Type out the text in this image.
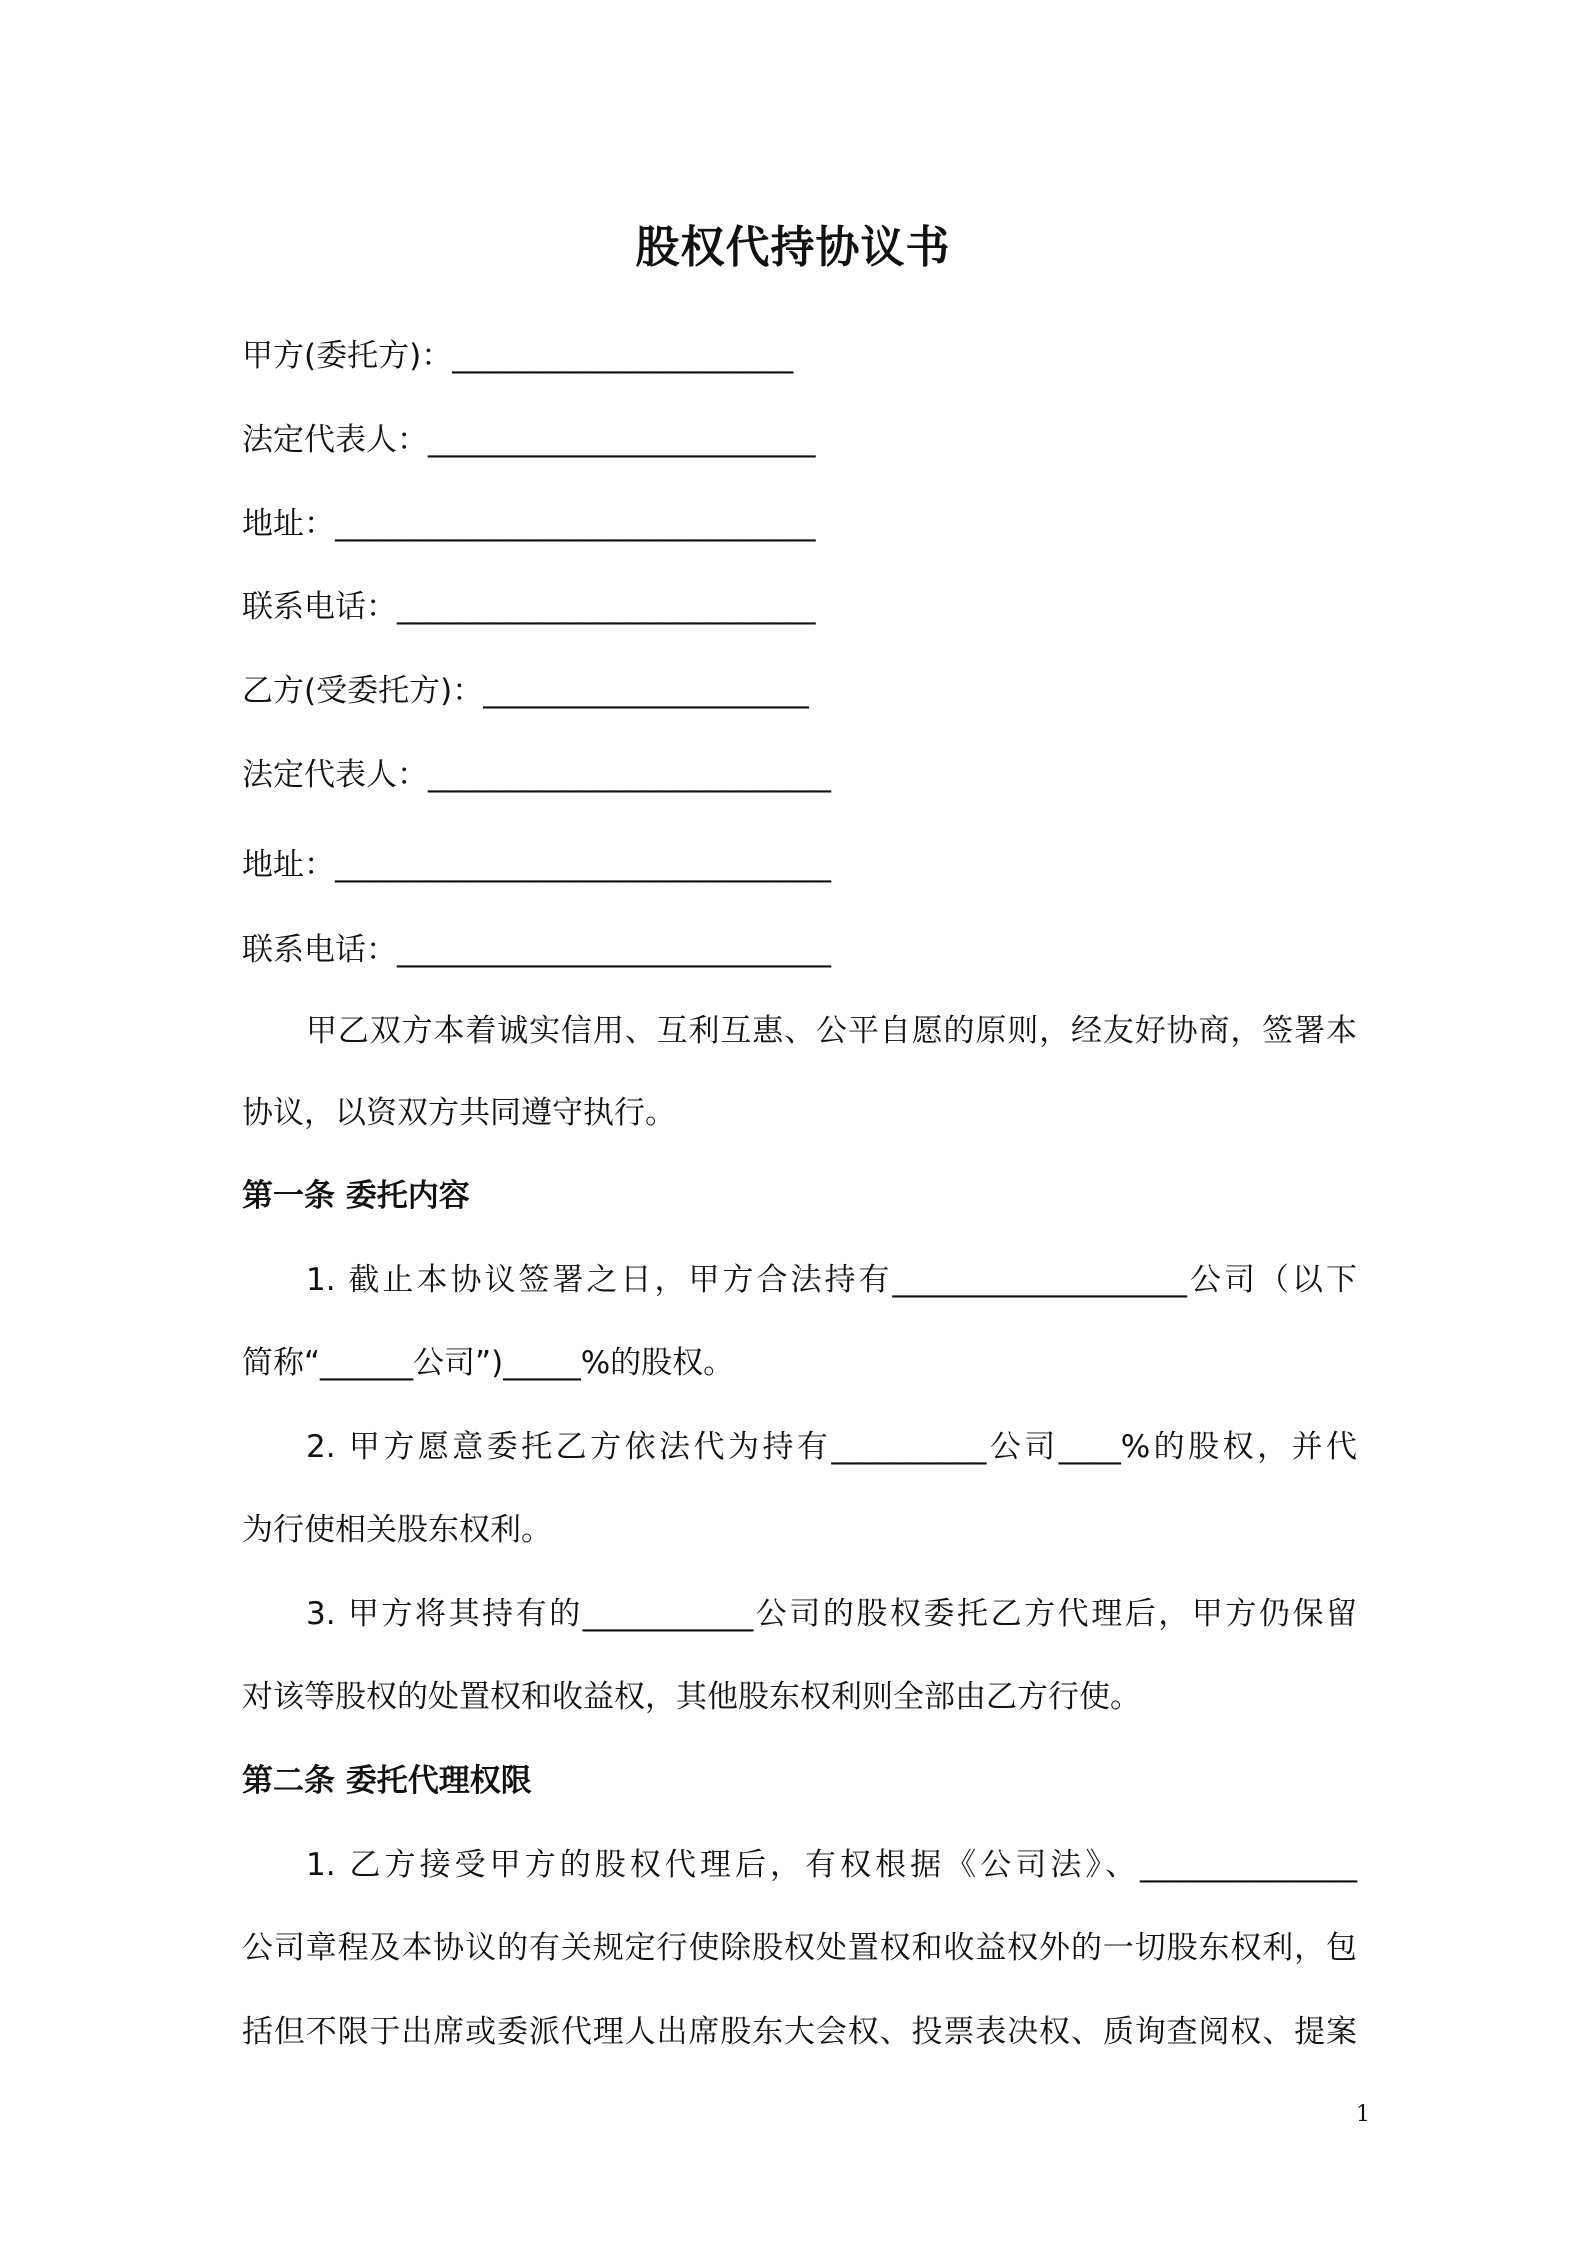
股权代持协议书
甲方(委托方)：______________________
法定代表人：_________________________
地址：_______________________________
联系电话：___________________________
乙方(受委托方)：_____________________
法定代表人：__________________________
地址：________________________________
联系电话：____________________________
甲乙双方本着诚实信用、互利互惠、公平自愿的原则，经友好协商，签署本
协议，以资双方共同遵守执行。
第一条 委托内容
1. 截止本协议签署之日，甲方合法持有___________________公司（以下
简称“______公司”)_____%的股权。
2. 甲方愿意委托乙方依法代为持有__________公司____%的股权，并代
为行使相关股东权利。
3. 甲方将其持有的___________公司的股权委托乙方代理后，甲方仍保留
对该等股权的处置权和收益权，其他股东权利则全部由乙方行使。
第二条 委托代理权限
1. 乙方接受甲方的股权代理后，有权根据《公司法》、______________
公司章程及本协议的有关规定行使除股权处置权和收益权外的一切股东权利，包
括但不限于出席或委派代理人出席股东大会权、投票表决权、质询查阅权、提案
1
